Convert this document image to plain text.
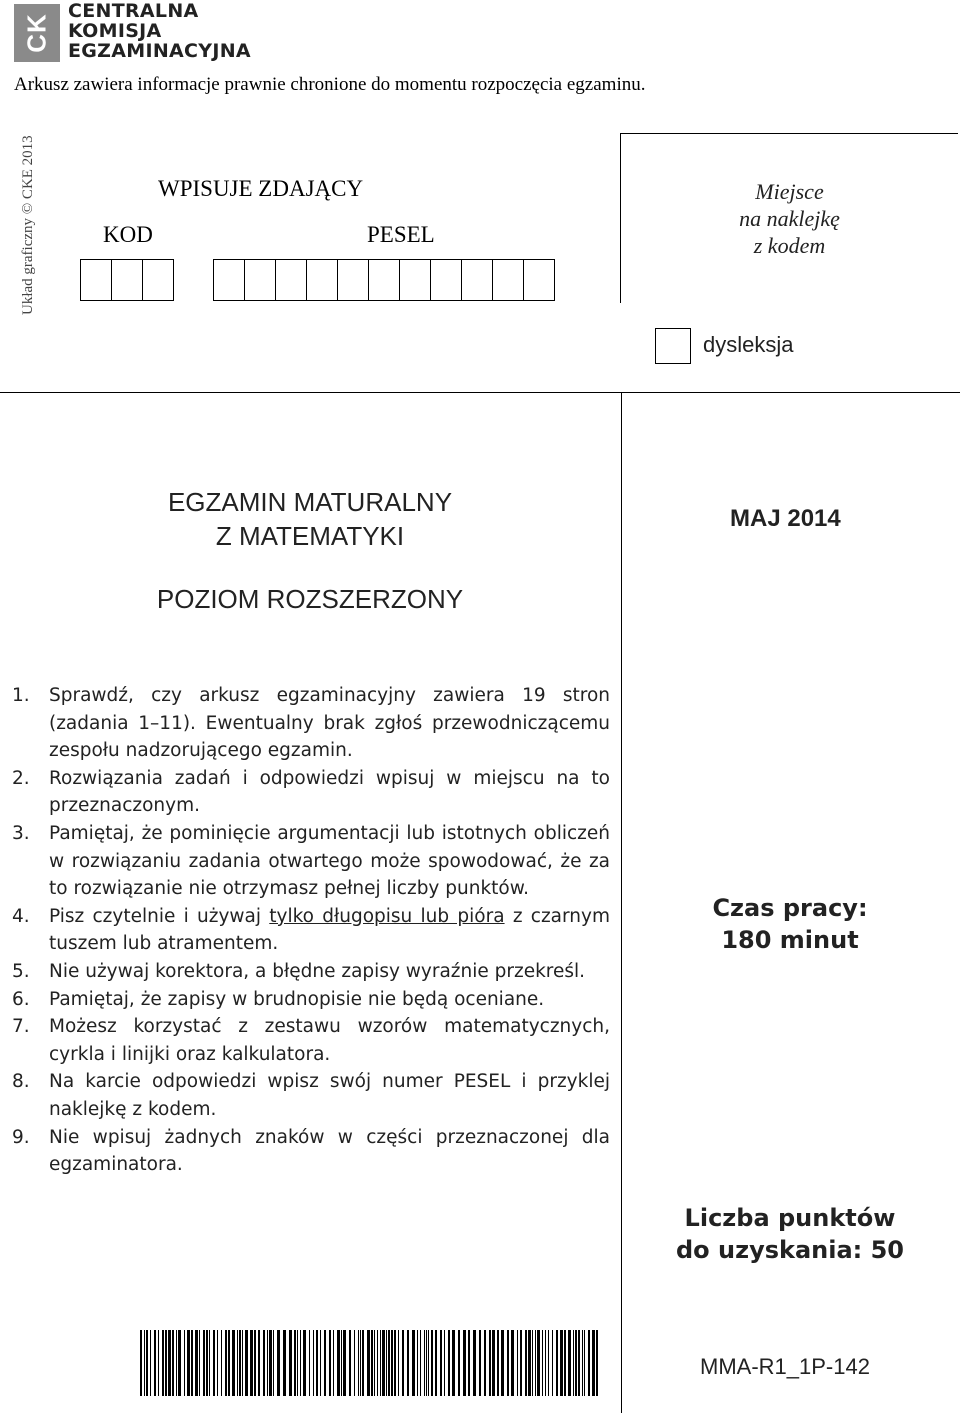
CK
CENTRALNA
KOMISJA
EGZAMINACYJNA
Arkusz zawiera informacje prawnie chronione do momentu rozpoczęcia egzaminu.
Układ graficzny © CKE 2013	Miejsce
na naklejkę
z kodem
WPISUJE ZDAJĄCY
KOD	PESEL
dysleksja
EGZAMIN MATURALNY
Z MATEMATYKI
POZIOM ROZSZERZONY
MAJ 2014
1.	Sprawdź, czy arkusz egzaminacyjny zawiera 19 stron (zadania 1–11). Ewentualny brak zgłoś przewodniczącemu zespołu nadzorującego egzamin.
2.	Rozwiązania zadań i odpowiedzi wpisuj w miejscu na to przeznaczonym.
3.	Pamiętaj, że pominięcie argumentacji lub istotnych obliczeń w rozwiązaniu zadania otwartego może spowodować, że za to rozwiązanie nie otrzymasz pełnej liczby punktów.
4.	Pisz czytelnie i używaj tylko długopisu lub pióra z czarnym tuszem lub atramentem.
5.	Nie używaj korektora, a błędne zapisy wyraźnie przekreśl.
6.	Pamiętaj, że zapisy w brudnopisie nie będą oceniane.
7.	Możesz korzystać z zestawu wzorów matematycznych, cyrkla i linijki oraz kalkulatora.
8.	Na karcie odpowiedzi wpisz swój numer PESEL i przyklej naklejkę z kodem.
9.	Nie wpisuj żadnych znaków w części przeznaczonej dla egzaminatora.
Czas pracy:
180 minut
Liczba punktów
do uzyskania: 50
MMA-R1_1P-142
